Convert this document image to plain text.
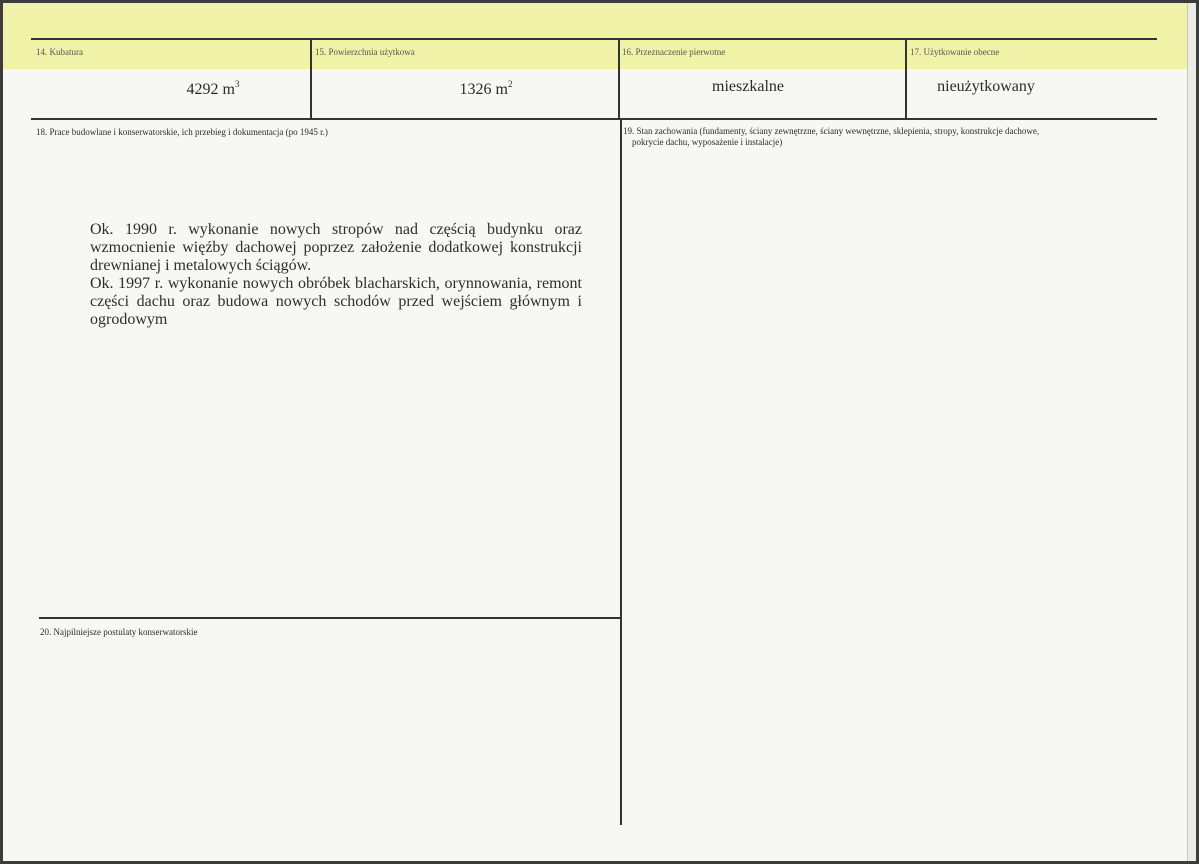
14. Kubatura
4292 $m^3$
15. Powierzchnia użytkowa
1326 $m^2$
16. Przeznaczenie pierwotne
mieszkalne
17. Użytkowanie obecne
nieużytkowany
18. Prace budowlane i konserwatorskie, ich przebieg i dokumentacja (po 1945 r.)

Ok. 1990 r. wykonanie nowych stropów nad częścią budynku oraz wzmocnienie więźby dachowej poprzez założenie dodatkowej konstrukcji drewnianej i metalowych ściągów.

Ok. 1997 r. wykonanie nowych obróbek blacharskich, orynnowania, remont części dachu oraz budowa nowych schodów przed wejściem głównym i ogrodowym

19. Stan zachowania (fundamenty, ściany zewnętrzne, ściany wewnętrzne, sklepienia, stropy, konstrukcje dachowe,
pokrycie dachu, wyposażenie i instalacje)
20. Najpilniejsze postulaty konserwatorskie
